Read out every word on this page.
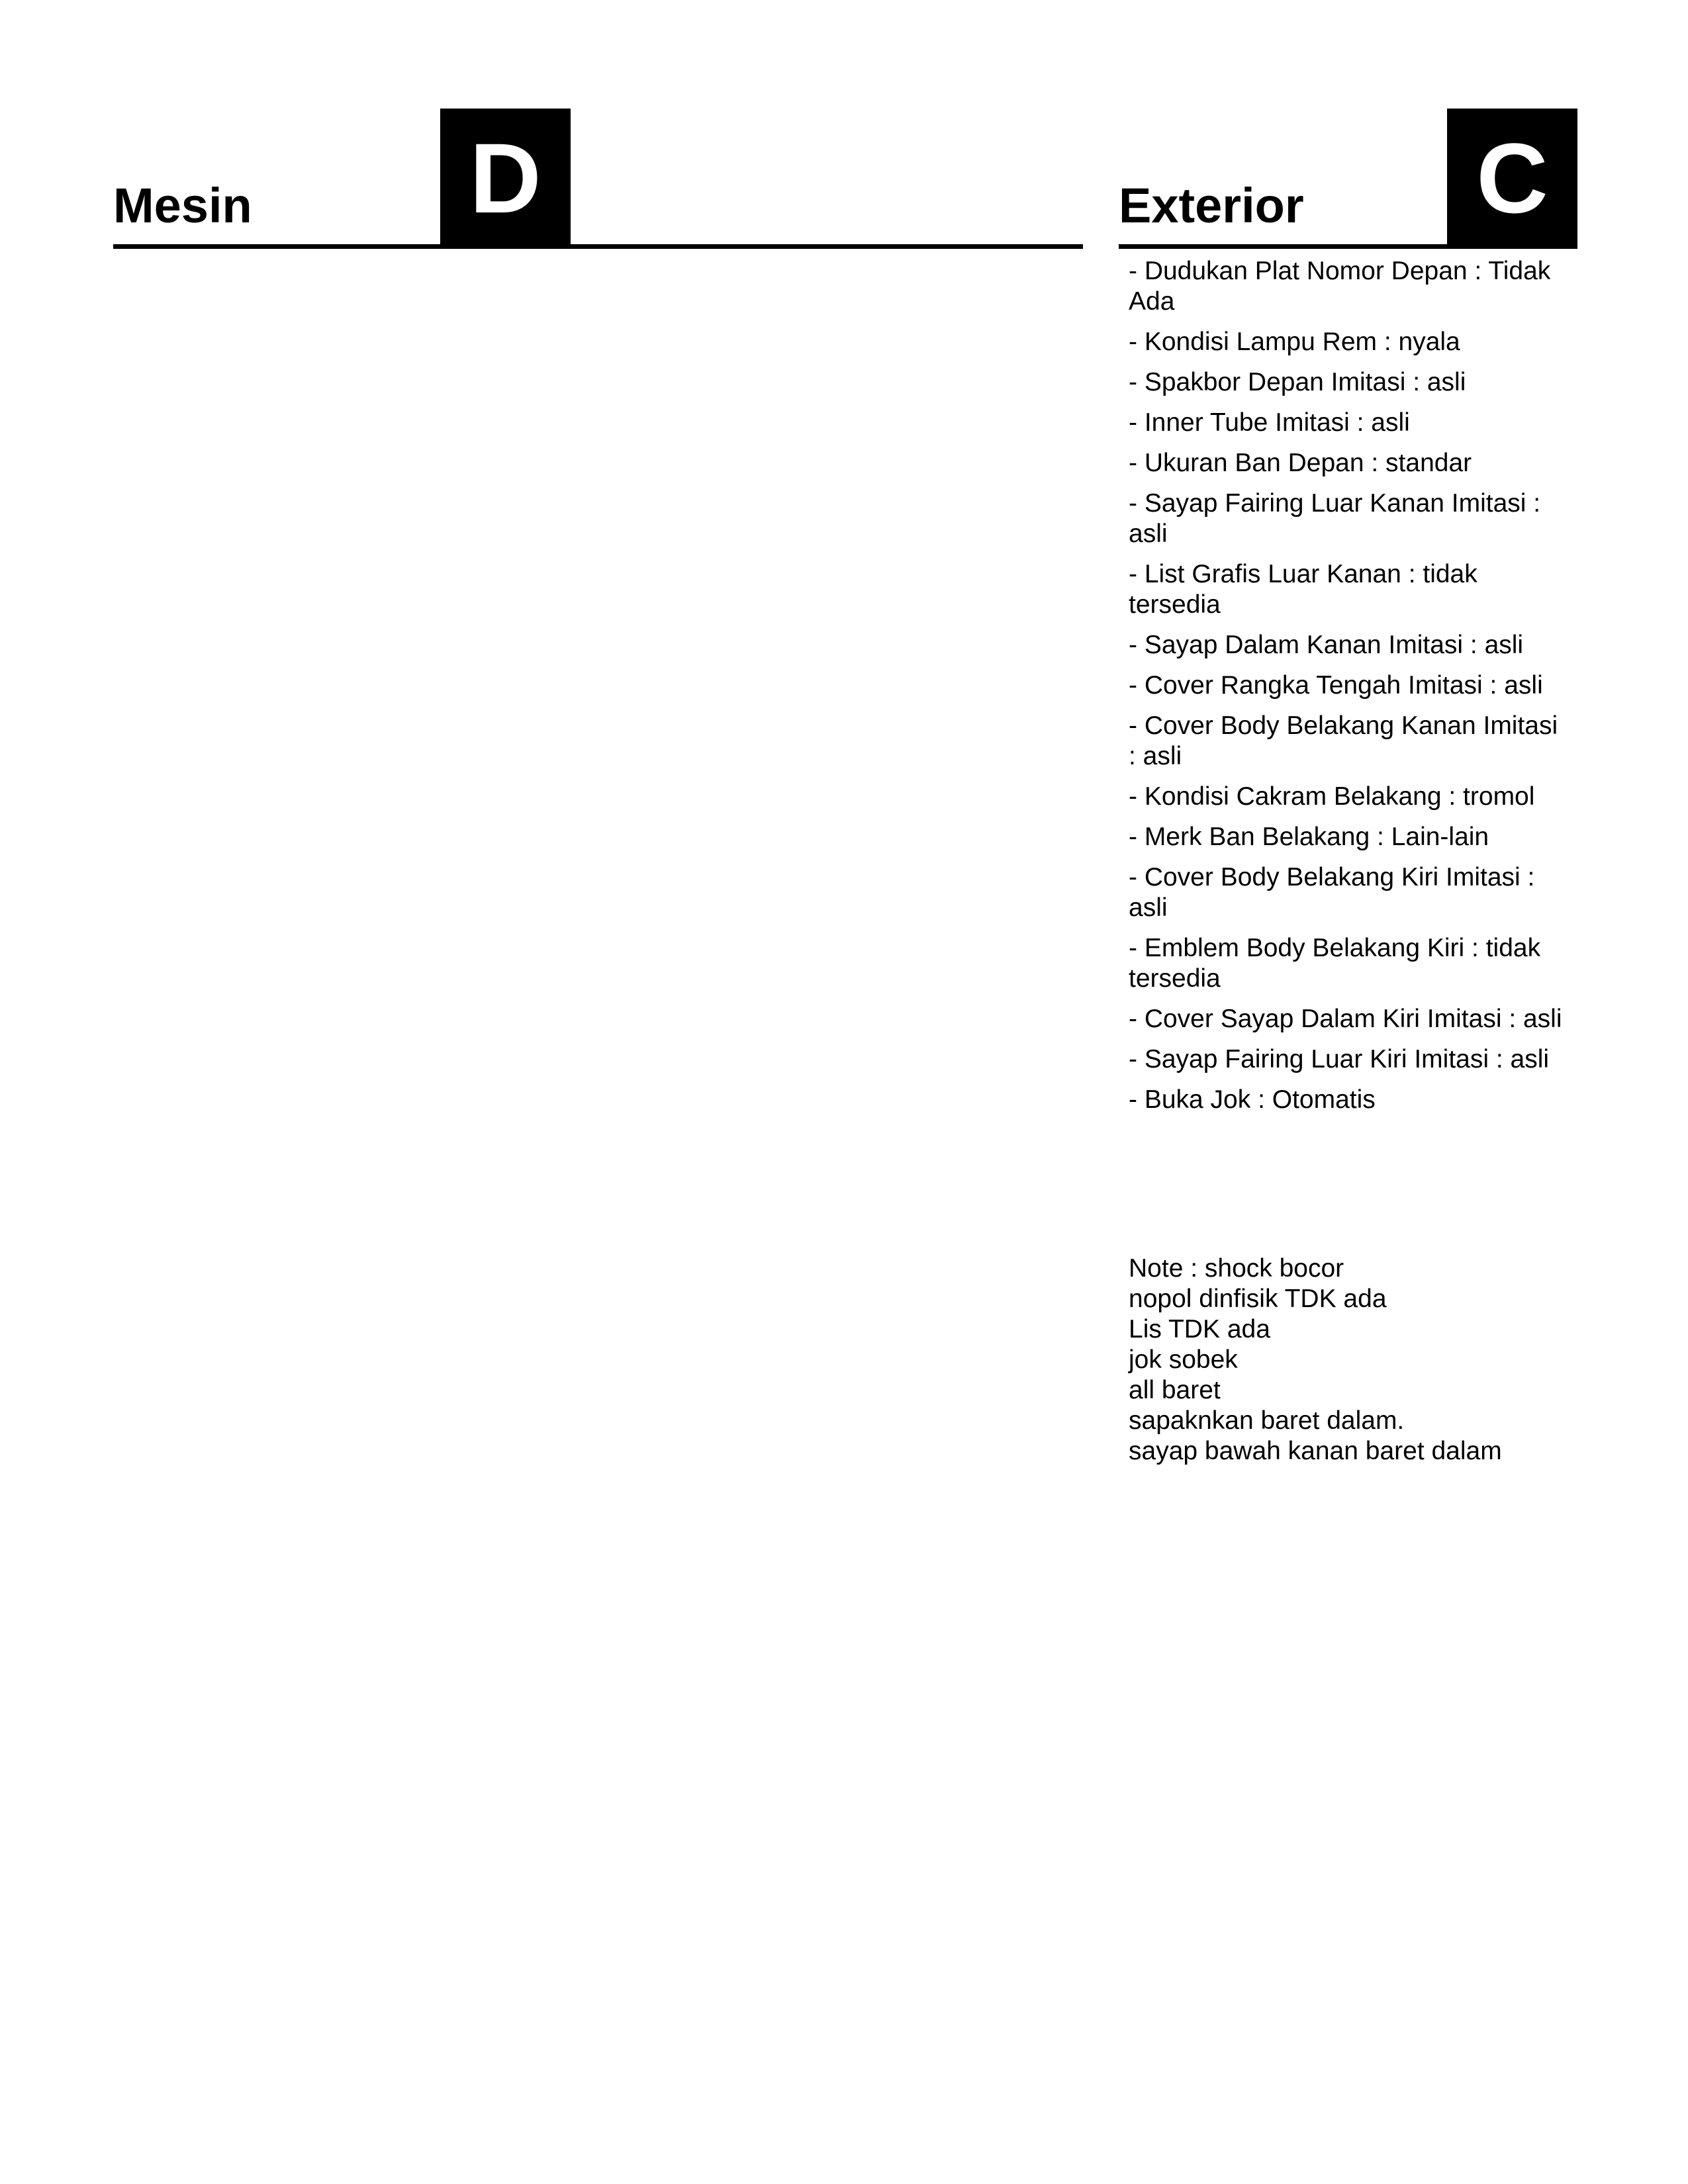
Mesin D	Exterior C
- Dudukan Plat Nomor Depan : Tidak Ada
- Kondisi Lampu Rem : nyala
- Spakbor Depan Imitasi : asli
- Inner Tube Imitasi : asli
- Ukuran Ban Depan : standar
- Sayap Fairing Luar Kanan Imitasi : asli
- List Grafis Luar Kanan : tidak tersedia
- Sayap Dalam Kanan Imitasi : asli
- Cover Rangka Tengah Imitasi : asli
- Cover Body Belakang Kanan Imitasi : asli
- Kondisi Cakram Belakang : tromol
- Merk Ban Belakang : Lain-lain
- Cover Body Belakang Kiri Imitasi : asli
- Emblem Body Belakang Kiri : tidak tersedia
- Cover Sayap Dalam Kiri Imitasi : asli
- Sayap Fairing Luar Kiri Imitasi : asli
- Buka Jok : Otomatis
Note : shock bocor
nopol dinfisik TDK ada
Lis TDK ada
jok sobek
all baret
sapaknkan baret dalam.
sayap bawah kanan baret dalam
